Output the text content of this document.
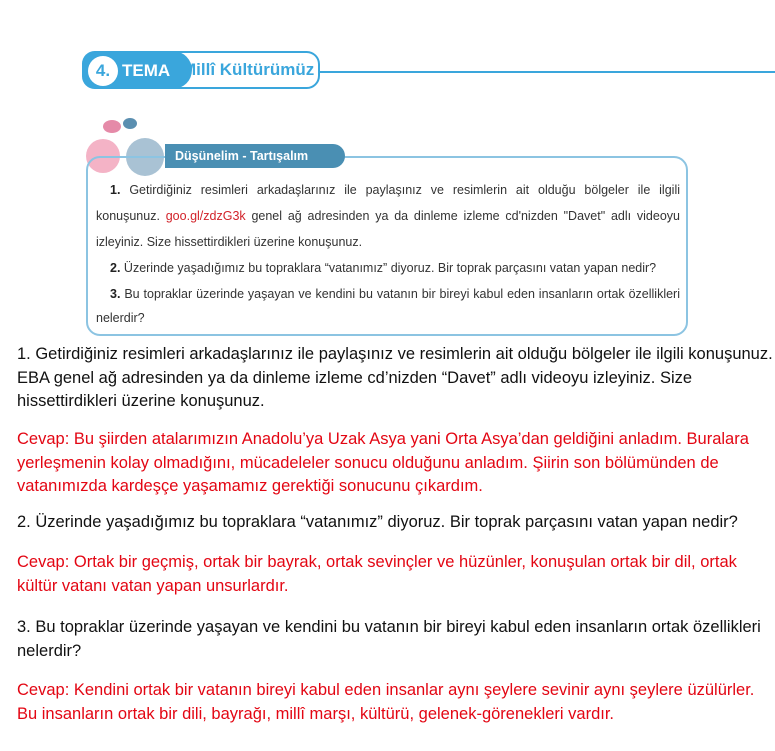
4. TEMA Millî Kültürümüz
Düşünelim - Tartışalım
1. Getirdiğiniz resimleri arkadaşlarınız ile paylaşınız ve resimlerin ait olduğu bölgeler ile ilgili konuşunuz. goo.gl/zdzG3k genel ağ adresinden ya da dinleme izleme cd'nizden "Davet" adlı videoyu izleyiniz. Size hissettirdikleri üzerine konuşunuz.
2. Üzerinde yaşadığımız bu topraklara “vatanımız” diyoruz. Bir toprak parçasını vatan yapan nedir?
3. Bu topraklar üzerinde yaşayan ve kendini bu vatanın bir bireyi kabul eden insanların ortak özellikleri nelerdir?
1. Getirdiğiniz resimleri arkadaşlarınız ile paylaşınız ve resimlerin ait olduğu bölgeler ile ilgili konuşunuz. EBA genel ağ adresinden ya da dinleme izleme cd’nizden “Davet” adlı videoyu izleyiniz. Size hissettirdikleri üzerine konuşunuz.
Cevap: Bu şiirden atalarımızın Anadolu’ya Uzak Asya yani Orta Asya’dan geldiğini anladım. Buralara yerleşmenin kolay olmadığını, mücadeleler sonucu olduğunu anladım. Şiirin son bölümünden de vatanımızda kardeşçe yaşamamız gerektiği sonucunu çıkardım.
2. Üzerinde yaşadığımız bu topraklara “vatanımız” diyoruz. Bir toprak parçasını vatan yapan nedir?
Cevap: Ortak bir geçmiş, ortak bir bayrak, ortak sevinçler ve hüzünler, konuşulan ortak bir dil, ortak kültür vatanı vatan yapan unsurlardır.
3. Bu topraklar üzerinde yaşayan ve kendini bu vatanın bir bireyi kabul eden insanların ortak özellikleri nelerdir?
Cevap: Kendini ortak bir vatanın bireyi kabul eden insanlar aynı şeylere sevinir aynı şeylere üzülürler. Bu insanların ortak bir dili, bayrağı, millî marşı, kültürü, gelenek-görenekleri vardır.
